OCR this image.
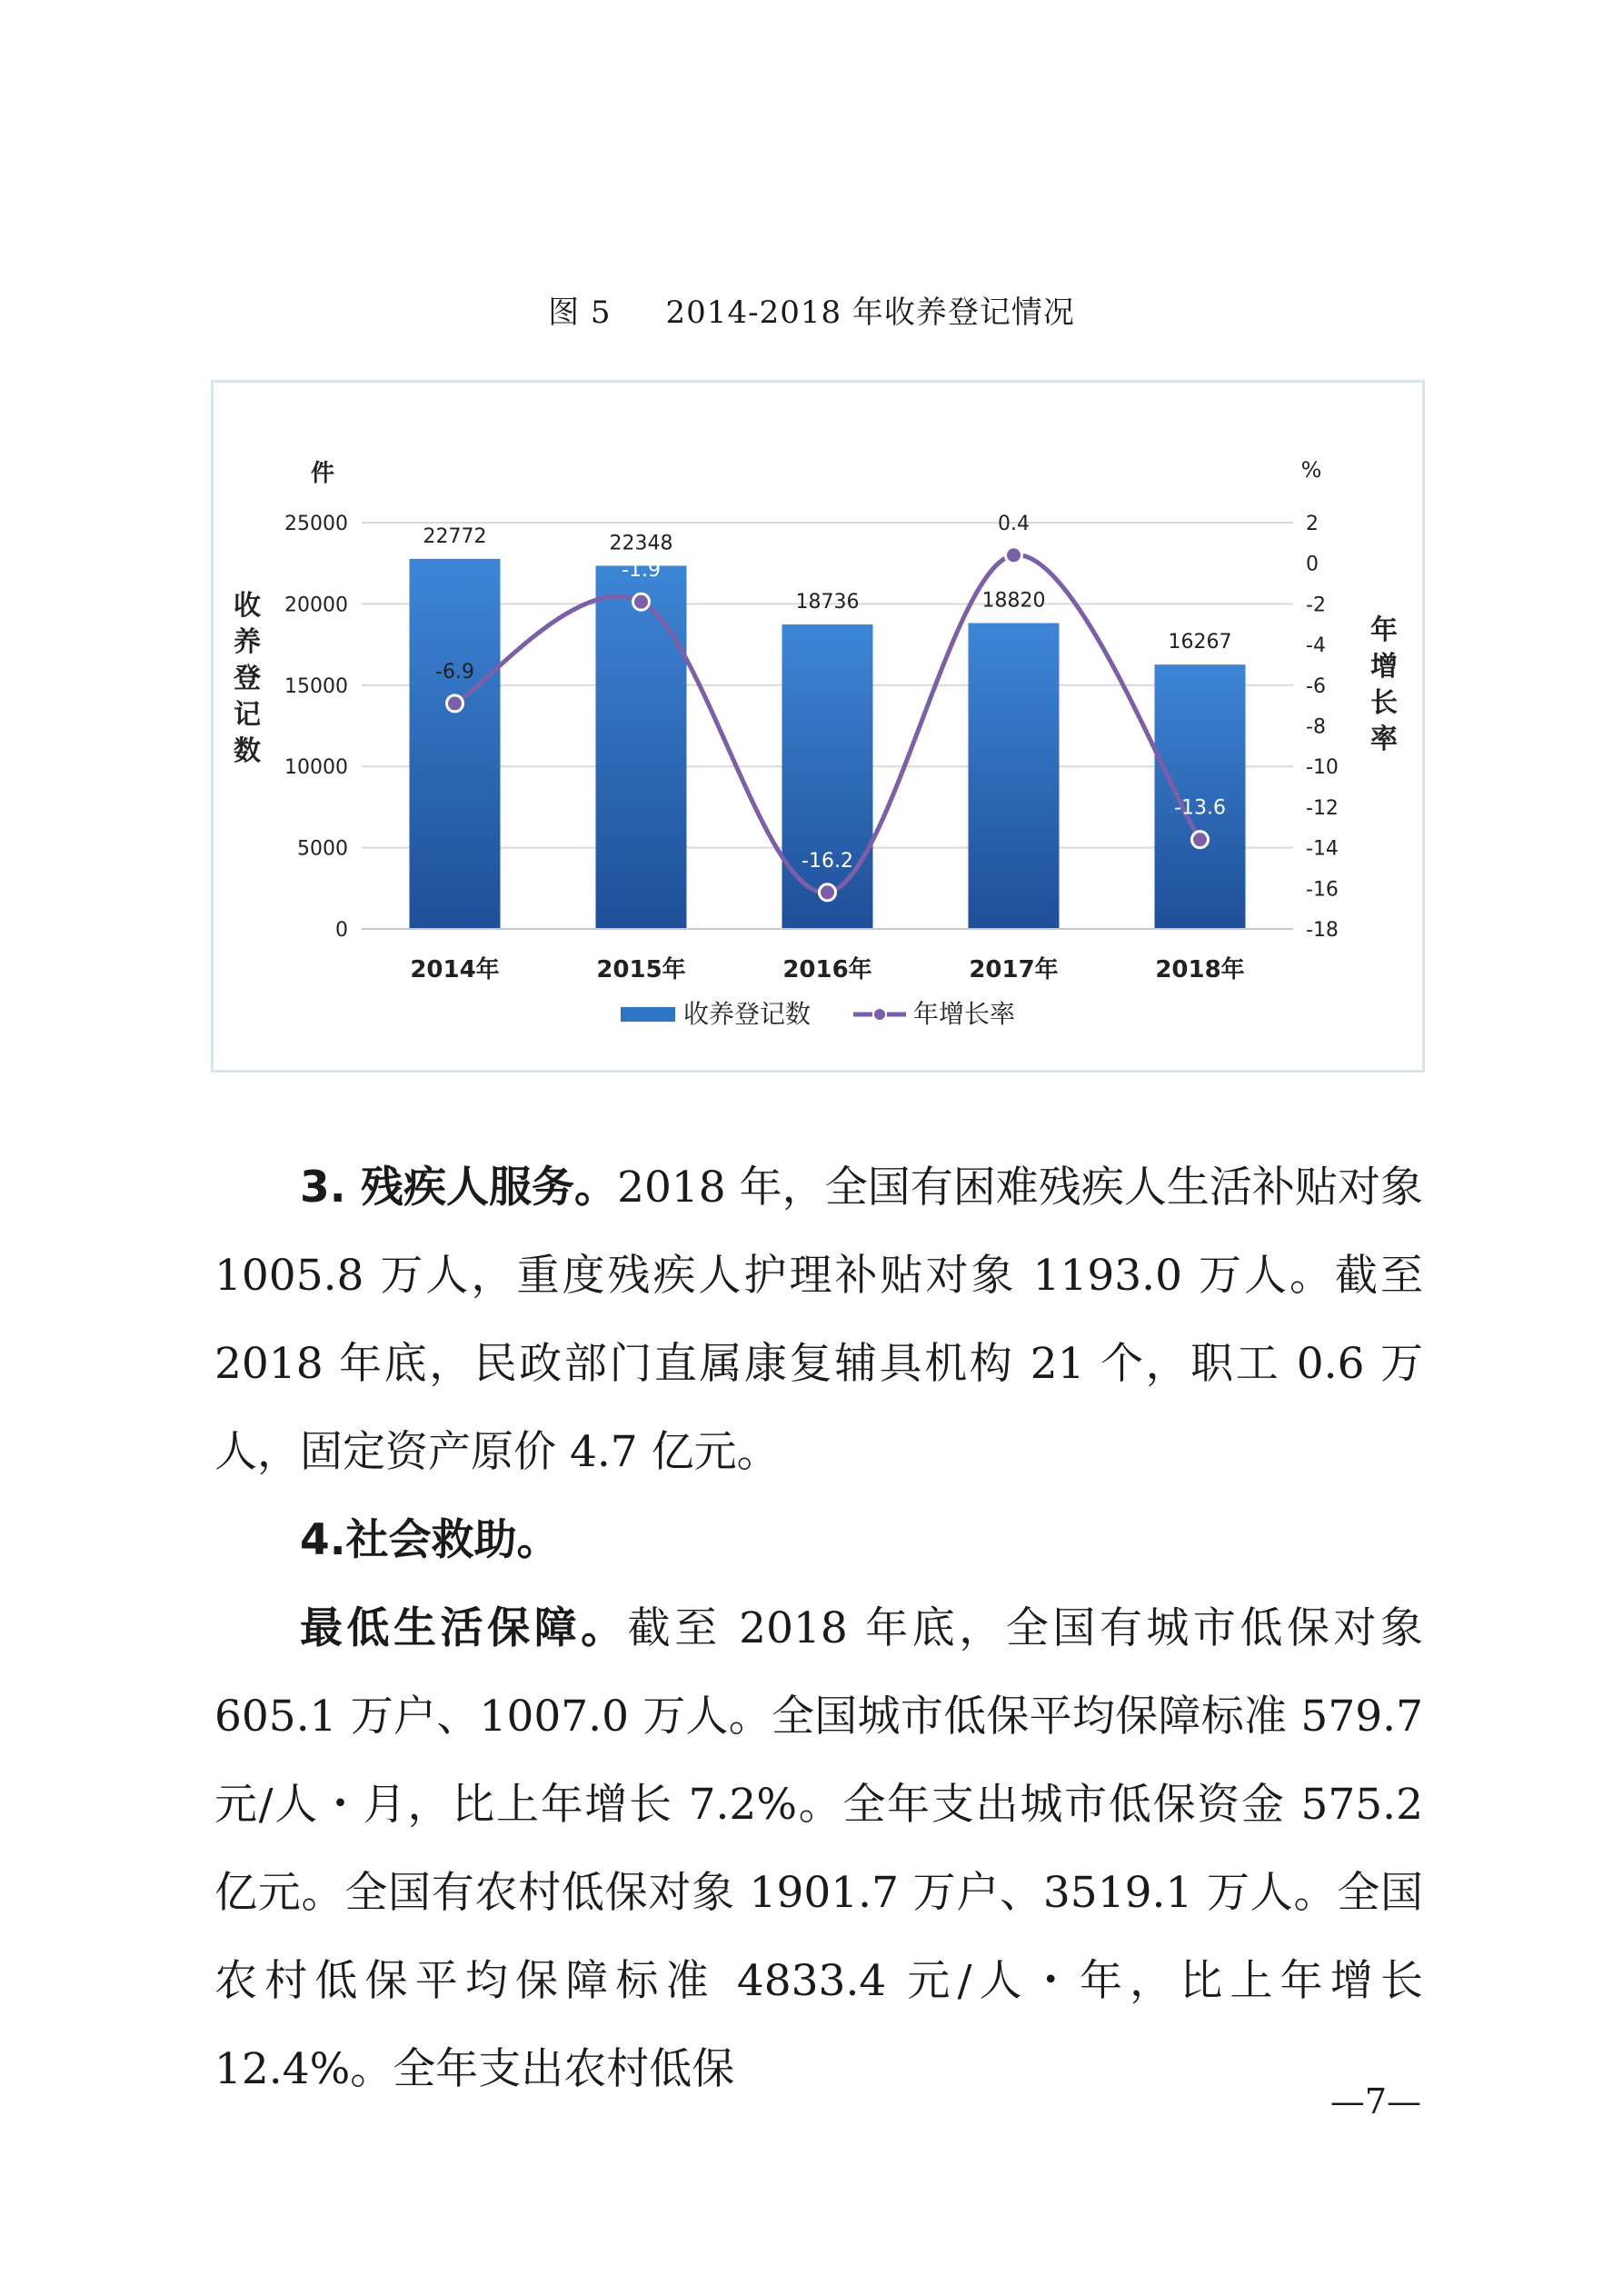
图 5 2014-2018 年收养登记情况
0
5000
10000
15000
20000
25000	2
0
-2
-4
-6
-8
-10
-12
-14
-16
-18
件	%
收
养
登
记
数
年
增
长
率
22772	22348
18736	18820
16267
2014年	2015年	2016年	2017年	2018年
-6.9
-1.9
-16.2
0.4
-13.6
收养登记数	年增长率

3. 残疾人服务。2018 年，全国有困难残疾人生活补贴对象 1005.8 万人，重度残疾人护理补贴对象 1193.0 万人。截至 2018 年底，民政部门直属康复辅具机构 21 个，职工 0.6 万人，固定资产原价 4.7 亿元。

4.社会救助。

最低生活保障。截至 2018 年底，全国有城市低保对象 605.1 万户、1007.0 万人。全国城市低保平均保障标准 579.7 元/人・月，比上年增长 7.2%。全年支出城市低保资金 575.2 亿元。全国有农村低保对象 1901.7 万户、3519.1 万人。全国农村低保平均保障标准 4833.4 元/人・年，比上年增长 12.4%。全年支出农村低保

—7—
